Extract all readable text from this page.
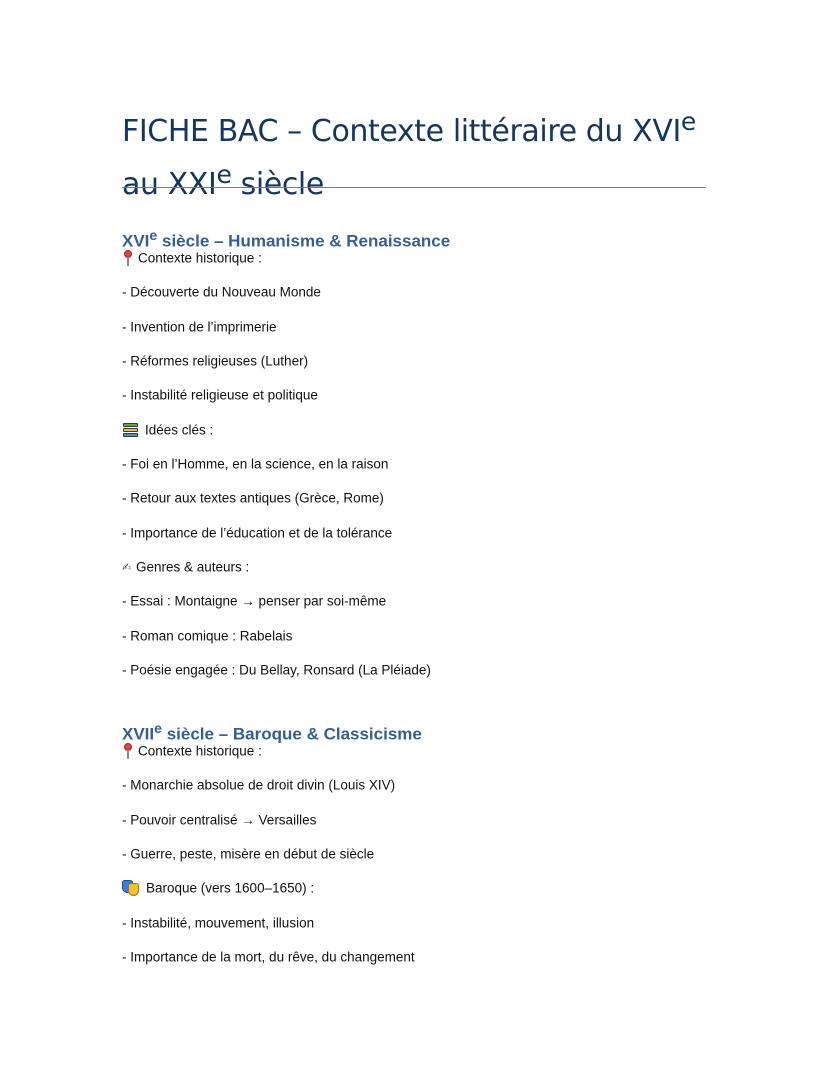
FICHE BAC – Contexte littéraire du XVIe
au XXIe siècle
XVIe siècle – Humanisme & Renaissance
Contexte historique :
- Découverte du Nouveau Monde
- Invention de l’imprimerie
- Réformes religieuses (Luther)
- Instabilité religieuse et politique
Idées clés :
- Foi en l’Homme, en la science, en la raison
- Retour aux textes antiques (Grèce, Rome)
- Importance de l’éducation et de la tolérance
✍ Genres & auteurs :
- Essai : Montaigne → penser par soi-même
- Roman comique : Rabelais
- Poésie engagée : Du Bellay, Ronsard (La Pléiade)
XVIIe siècle – Baroque & Classicisme
Contexte historique :
- Monarchie absolue de droit divin (Louis XIV)
- Pouvoir centralisé → Versailles
- Guerre, peste, misère en début de siècle
Baroque (vers 1600–1650) :
- Instabilité, mouvement, illusion
- Importance de la mort, du rêve, du changement
